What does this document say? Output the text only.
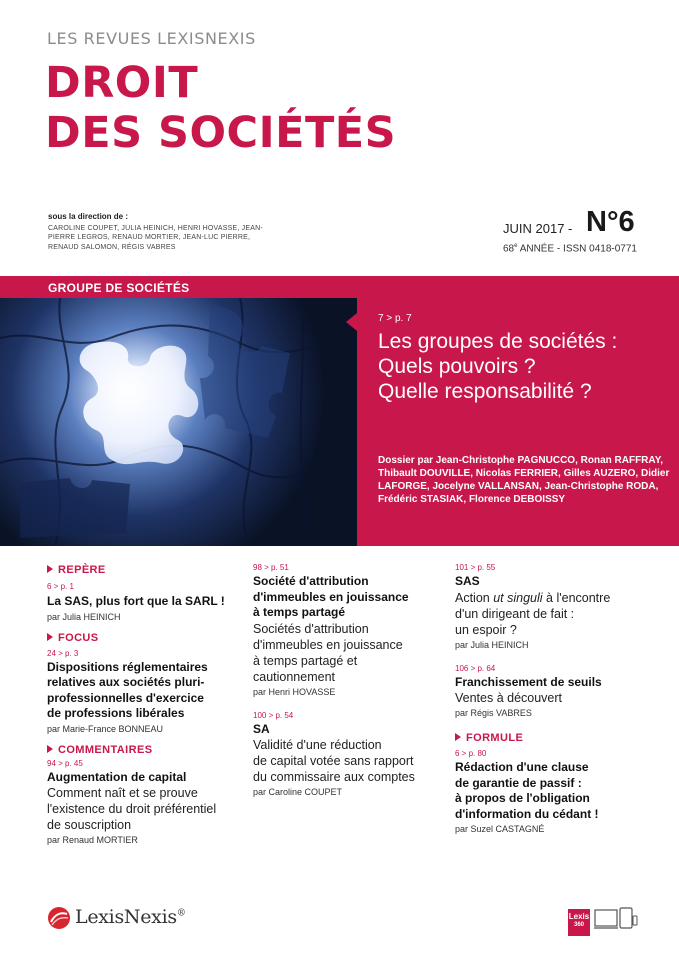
LES REVUES LEXISNEXIS
DROIT
DES SOCIÉTÉS
sous la direction de :
CAROLINE COUPET, JULIA HEINICH, HENRI HOVASSE, JEAN-PIERRE LEGROS, RENAUD MORTIER, JEAN-LUC PIERRE, RENAUD SALOMON, RÉGIS VABRES
JUIN 2017 - N°6
68e ANNÉE - ISSN 0418-0771
GROUPE DE SOCIÉTÉS
7 > p. 7
Les groupes de sociétés :
Quels pouvoirs ?
Quelle responsabilité ?
Dossier par Jean-Christophe PAGNUCCO, Ronan RAFFRAY, Thibault DOUVILLE, Nicolas FERRIER, Gilles AUZERO, Didier LAFORGE, Jocelyne VALLANSAN, Jean-Christophe RODA, Frédéric STASIAK, Florence DEBOISSY
REPÈRE
6 > p. 1
La SAS, plus fort que la SARL !
par Julia HEINICH
FOCUS
24 > p. 3
Dispositions réglementaires
relatives aux sociétés pluri-
professionnelles d'exercice
de professions libérales
par Marie-France BONNEAU
COMMENTAIRES
94 > p. 45
Augmentation de capital
Comment naît et se prouve
l'existence du droit préférentiel
de souscription
par Renaud MORTIER
98 > p. 51
Société d'attribution
d'immeubles en jouissance
à temps partagé
Sociétés d'attribution
d'immeubles en jouissance
à temps partagé et
cautionnement
par Henri HOVASSE
100 > p. 54
SA
Validité d'une réduction
de capital votée sans rapport
du commissaire aux comptes
par Caroline COUPET
101 > p. 55
SAS
Action ut singuli à l'encontre
d'un dirigeant de fait :
un espoir ?
par Julia HEINICH
106 > p. 64
Franchissement de seuils
Ventes à découvert
par Régis VABRES
FORMULE
6 > p. 80
Rédaction d'une clause
de garantie de passif :
à propos de l'obligation
d'information du cédant !
par Suzel CASTAGNÉ
LexisNexis®	Lexis
360
